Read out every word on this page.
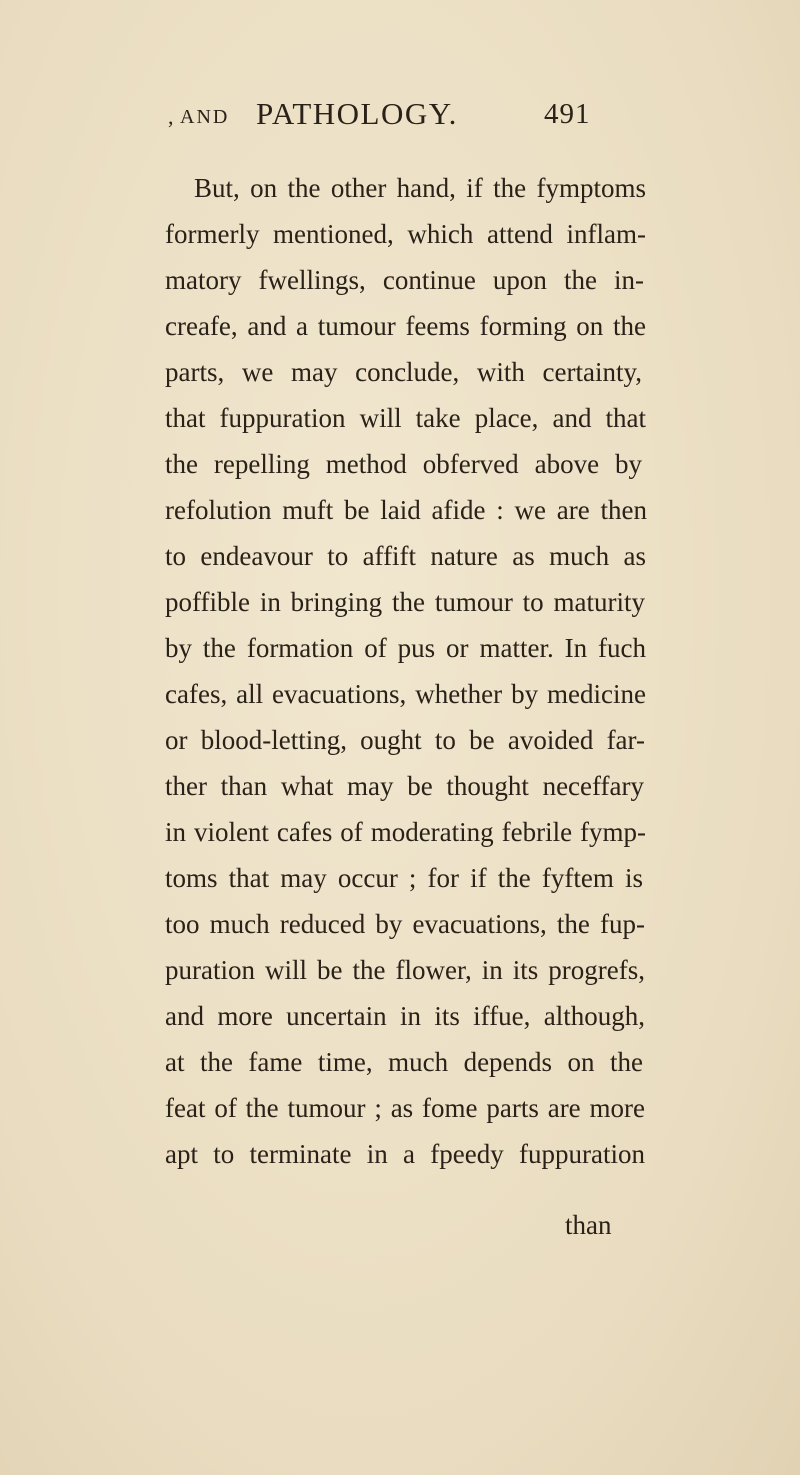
, AND PATHOLOGY.	491
But, on the other hand, if the fymptoms
formerly mentioned, which attend inflam-
matory fwellings, continue upon the in-
creafe, and a tumour feems forming on the
parts, we may conclude, with certainty,
that fuppuration will take place, and that
the repelling method obferved above by
refolution muft be laid afide : we are then
to endeavour to affift nature as much as
poffible in bringing the tumour to maturity
by the formation of pus or matter. In fuch
cafes, all evacuations, whether by medicine
or blood-letting, ought to be avoided far-
ther than what may be thought neceffary
in violent cafes of moderating febrile fymp-
toms that may occur ; for if the fyftem is
too much reduced by evacuations, the fup-
puration will be the flower, in its progrefs,
and more uncertain in its iffue, although,
at the fame time, much depends on the
feat of the tumour ; as fome parts are more
apt to terminate in a fpeedy fuppuration
than
